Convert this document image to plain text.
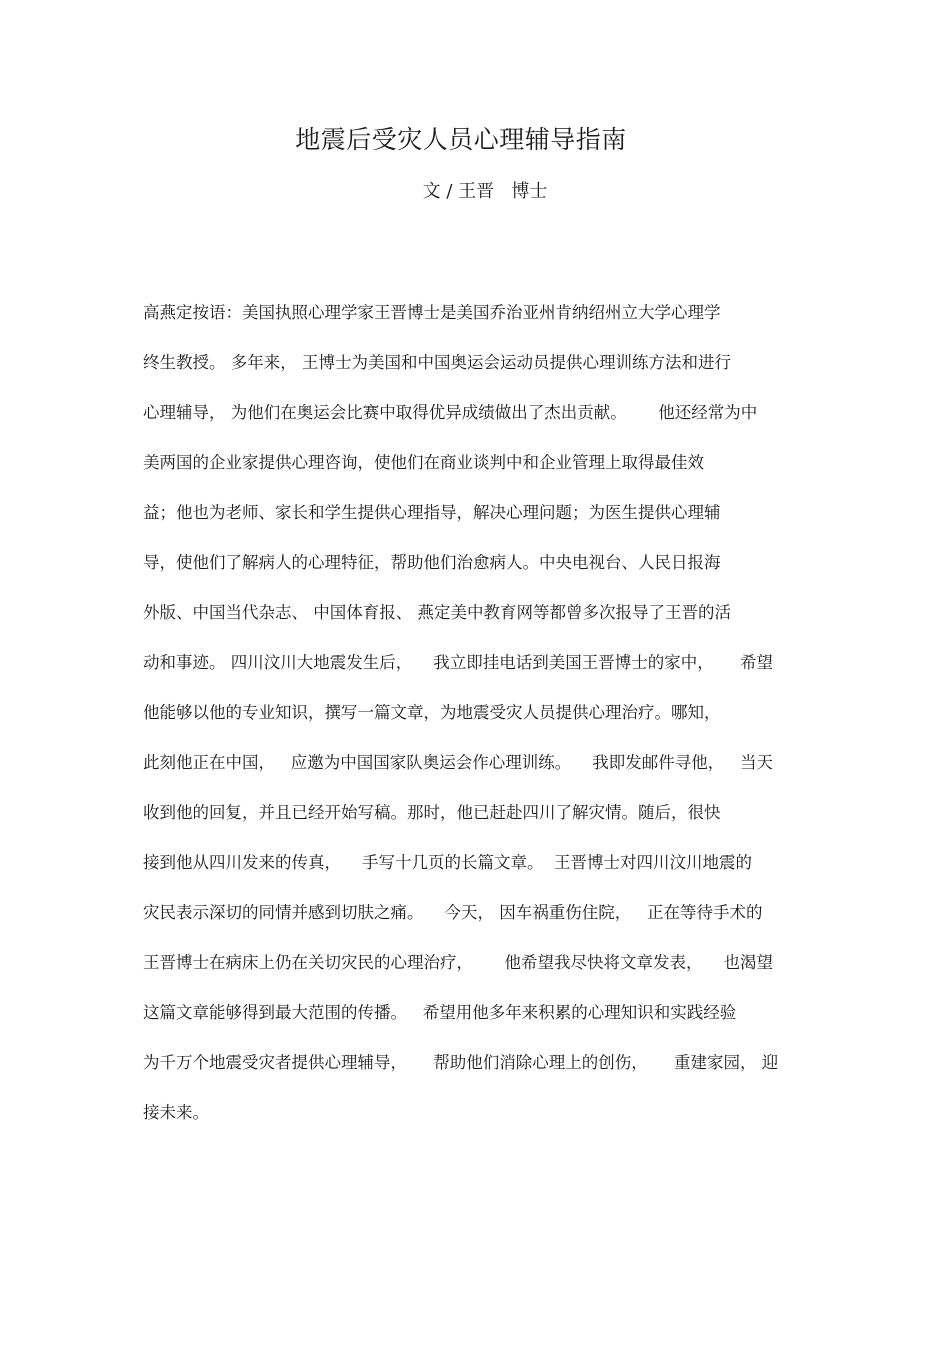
地震后受灾人员心理辅导指南
文 / 王晋   博士
高燕定按语：美国执照心理学家王晋博士是美国乔治亚州肯纳绍州立大学心理学
终生教授。 多年来， 王博士为美国和中国奥运会运动员提供心理训练方法和进行
心理辅导， 为他们在奥运会比赛中取得优异成绩做出了杰出贡献。      他还经常为中
美两国的企业家提供心理咨询，使他们在商业谈判中和企业管理上取得最佳效
益；他也为老师、家长和学生提供心理指导，解决心理问题；为医生提供心理辅
导，使他们了解病人的心理特征，帮助他们治愈病人。中央电视台、人民日报海
外版、中国当代杂志、 中国体育报、 燕定美中教育网等都曾多次报导了王晋的活
动和事迹。 四川汶川大地震发生后，    我立即挂电话到美国王晋博士的家中，     希望
他能够以他的专业知识，撰写一篇文章，为地震受灾人员提供心理治疗。哪知，
此刻他正在中国，   应邀为中国国家队奥运会作心理训练。    我即发邮件寻他，   当天
收到他的回复，并且已经开始写稿。那时，他已赶赴四川了解灾情。随后，很快
接到他从四川发来的传真，    手写十几页的长篇文章。  王晋博士对四川汶川地震的
灾民表示深切的同情并感到切肤之痛。    今天， 因车祸重伤住院，   正在等待手术的
王晋博士在病床上仍在关切灾民的心理治疗，      他希望我尽快将文章发表，    也渴望
这篇文章能够得到最大范围的传播。   希望用他多年来积累的心理知识和实践经验
为千万个地震受灾者提供心理辅导，     帮助他们消除心理上的创伤，     重建家园， 迎
接未来。
